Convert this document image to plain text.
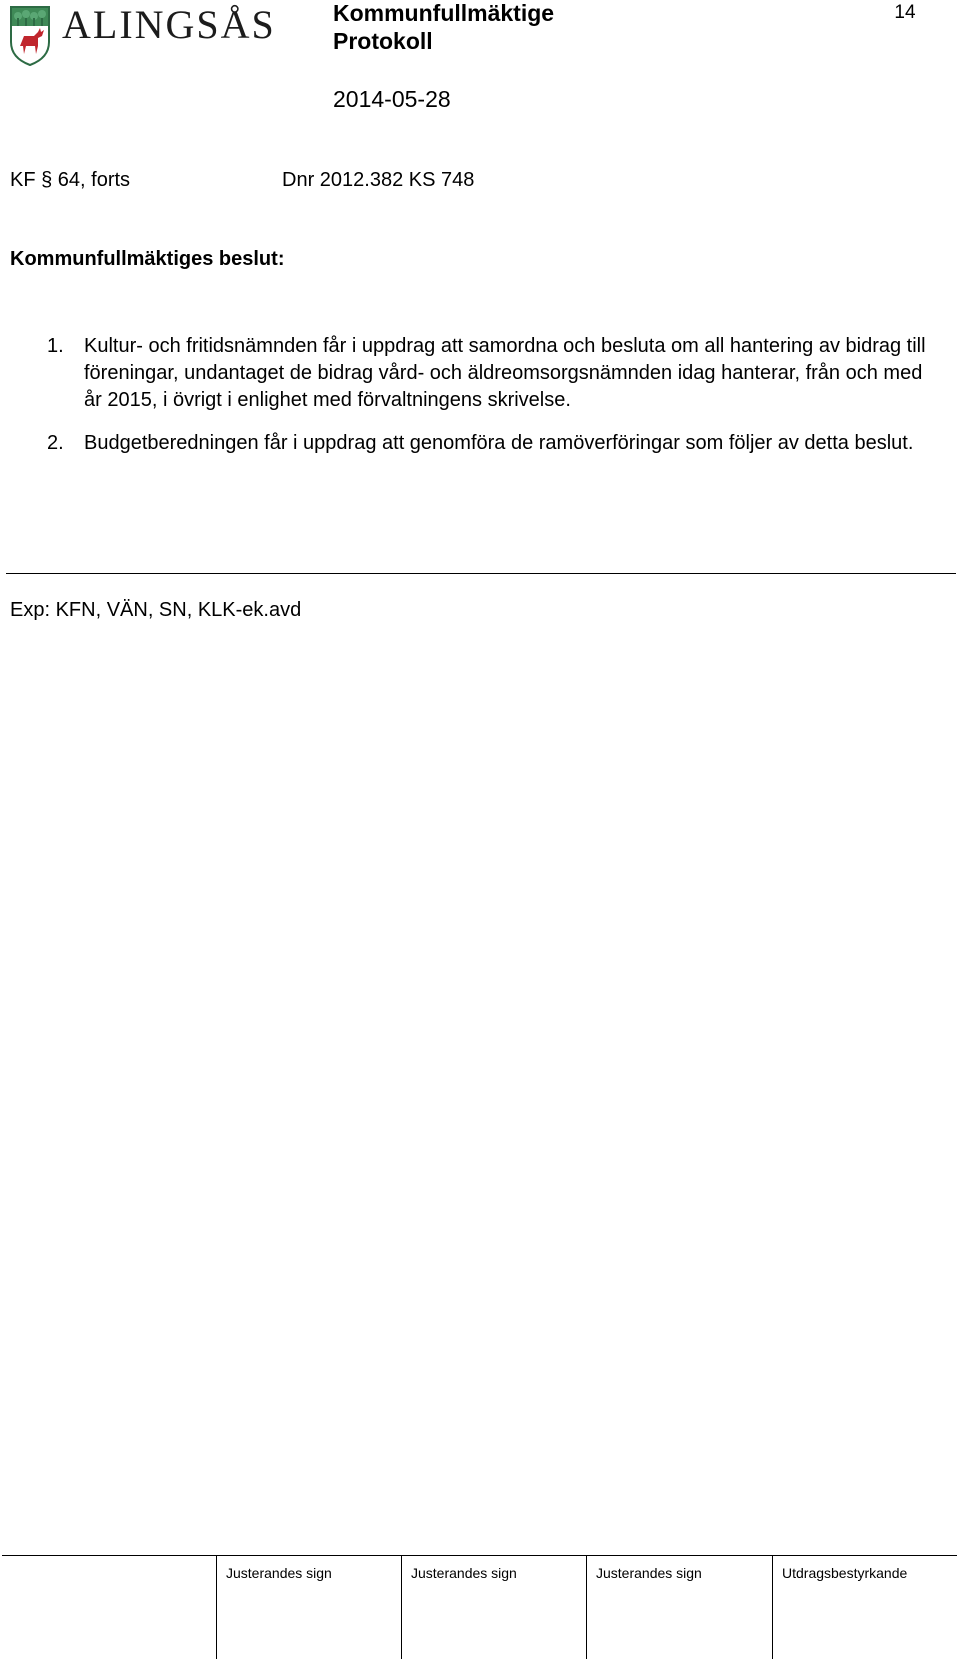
ALINGSÅS Kommunfullmäktige
Protokoll
2014-05-28
14
KF § 64, forts	Dnr 2012.382 KS 748
Kommunfullmäktiges beslut:
1. Kultur- och fritidsnämnden får i uppdrag att samordna och besluta om all hantering av bidrag till föreningar, undantaget de bidrag vård- och äldreomsorgsnämnden idag hanterar, från och med år 2015, i övrigt i enlighet med förvaltningens skrivelse.
2. Budgetberedningen får i uppdrag att genomföra de ramöverföringar som följer av detta beslut.
Exp: KFN, VÄN, SN, KLK-ek.avd
Justerandes sign	Justerandes sign	Justerandes sign	Utdragsbestyrkande
